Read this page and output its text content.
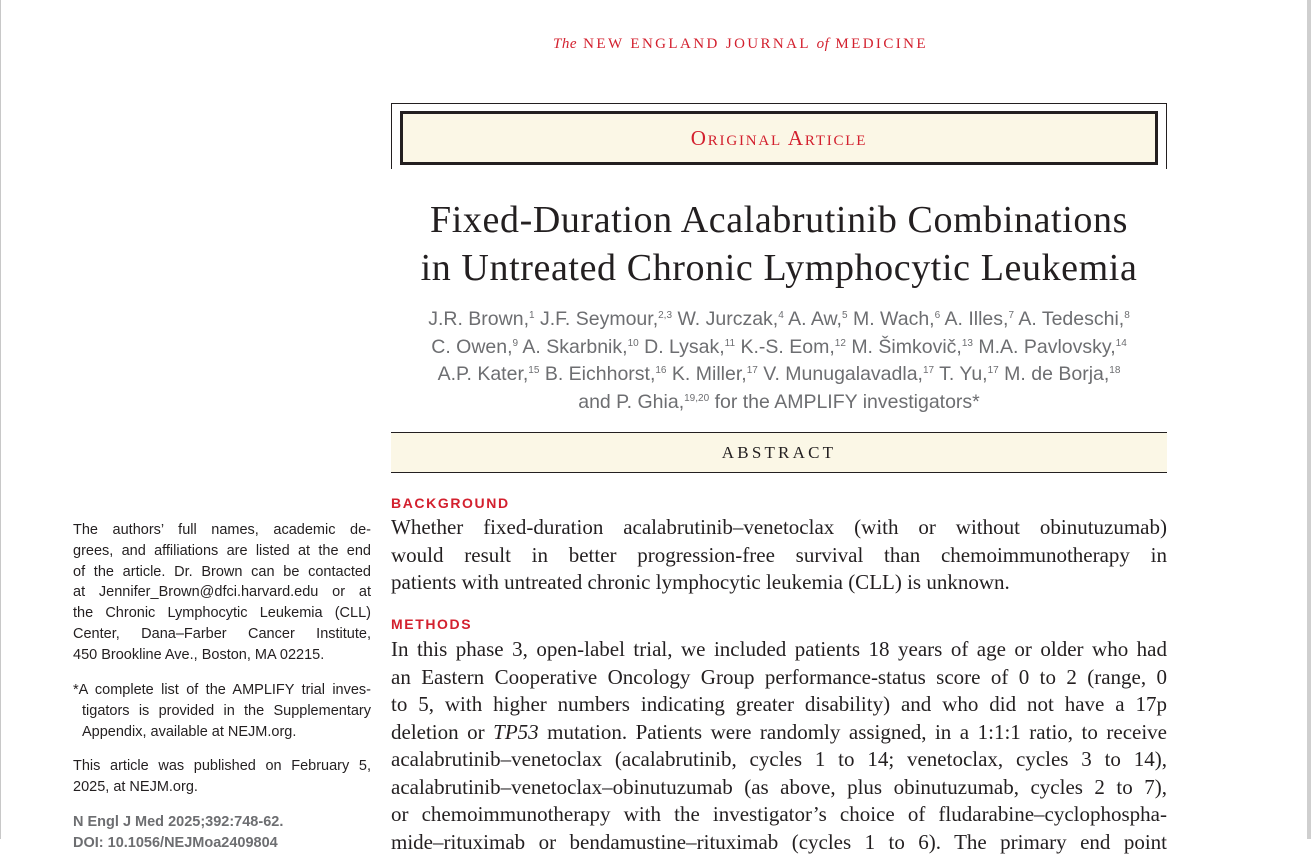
The NEW ENGLAND JOURNAL of MEDICINE
Original Article
Fixed-Duration Acalabrutinib Combinations
in Untreated Chronic Lymphocytic Leukemia
J.R. Brown,$^1$ J.F. Seymour,$^{2,3}$ W. Jurczak,$^4$ A. Aw,$^5$ M. Wach,$^6$ A. Illes,$^7$ A. Tedeschi,$^8$
C. Owen,$^9$ A. Skarbnik,$^{10}$ D. Lysak,$^{11}$ K.-S. Eom,$^{12}$ M. Šimkovič,$^{13}$ M.A. Pavlovsky,$^{14}$
A.P. Kater,$^{15}$ B. Eichhorst,$^{16}$ K. Miller,$^{17}$ V. Munugalavadla,$^{17}$ T. Yu,$^{17}$ M. de Borja,$^{18}$
and P. Ghia,$^{19,20}$ for the AMPLIFY investigators*
ABSTRACT
BACKGROUND
Whether fixed-duration acalabrutinib–venetoclax (with or without obinutuzumab)
would result in better progression-free survival than chemoimmunotherapy in
patients with untreated chronic lymphocytic leukemia (CLL) is unknown.
METHODS
In this phase 3, open-label trial, we included patients 18 years of age or older who had
an Eastern Cooperative Oncology Group performance-status score of 0 to 2 (range, 0
to 5, with higher numbers indicating greater disability) and who did not have a 17p
deletion or TP53 mutation. Patients were randomly assigned, in a 1:1:1 ratio, to receive
acalabrutinib–venetoclax (acalabrutinib, cycles 1 to 14; venetoclax, cycles 3 to 14),
acalabrutinib–venetoclax–obinutuzumab (as above, plus obinutuzumab, cycles 2 to 7),
or chemoimmunotherapy with the investigator’s choice of fludarabine–cyclophospha-
mide–rituximab or bendamustine–rituximab (cycles 1 to 6). The primary end point
The authors’ full names, academic de-
grees, and affiliations are listed at the end
of the article. Dr. Brown can be contacted
at Jennifer_Brown@dfci.harvard.edu or at
the Chronic Lymphocytic Leukemia (CLL)
Center, Dana–Farber Cancer Institute,
450 Brookline Ave., Boston, MA 02215.
*A complete list of the AMPLIFY trial inves-
tigators is provided in the Supplementary
Appendix, available at NEJM.org.
This article was published on February 5,
2025, at NEJM.org.
N Engl J Med 2025;392:748-62.
DOI: 10.1056/NEJMoa2409804
